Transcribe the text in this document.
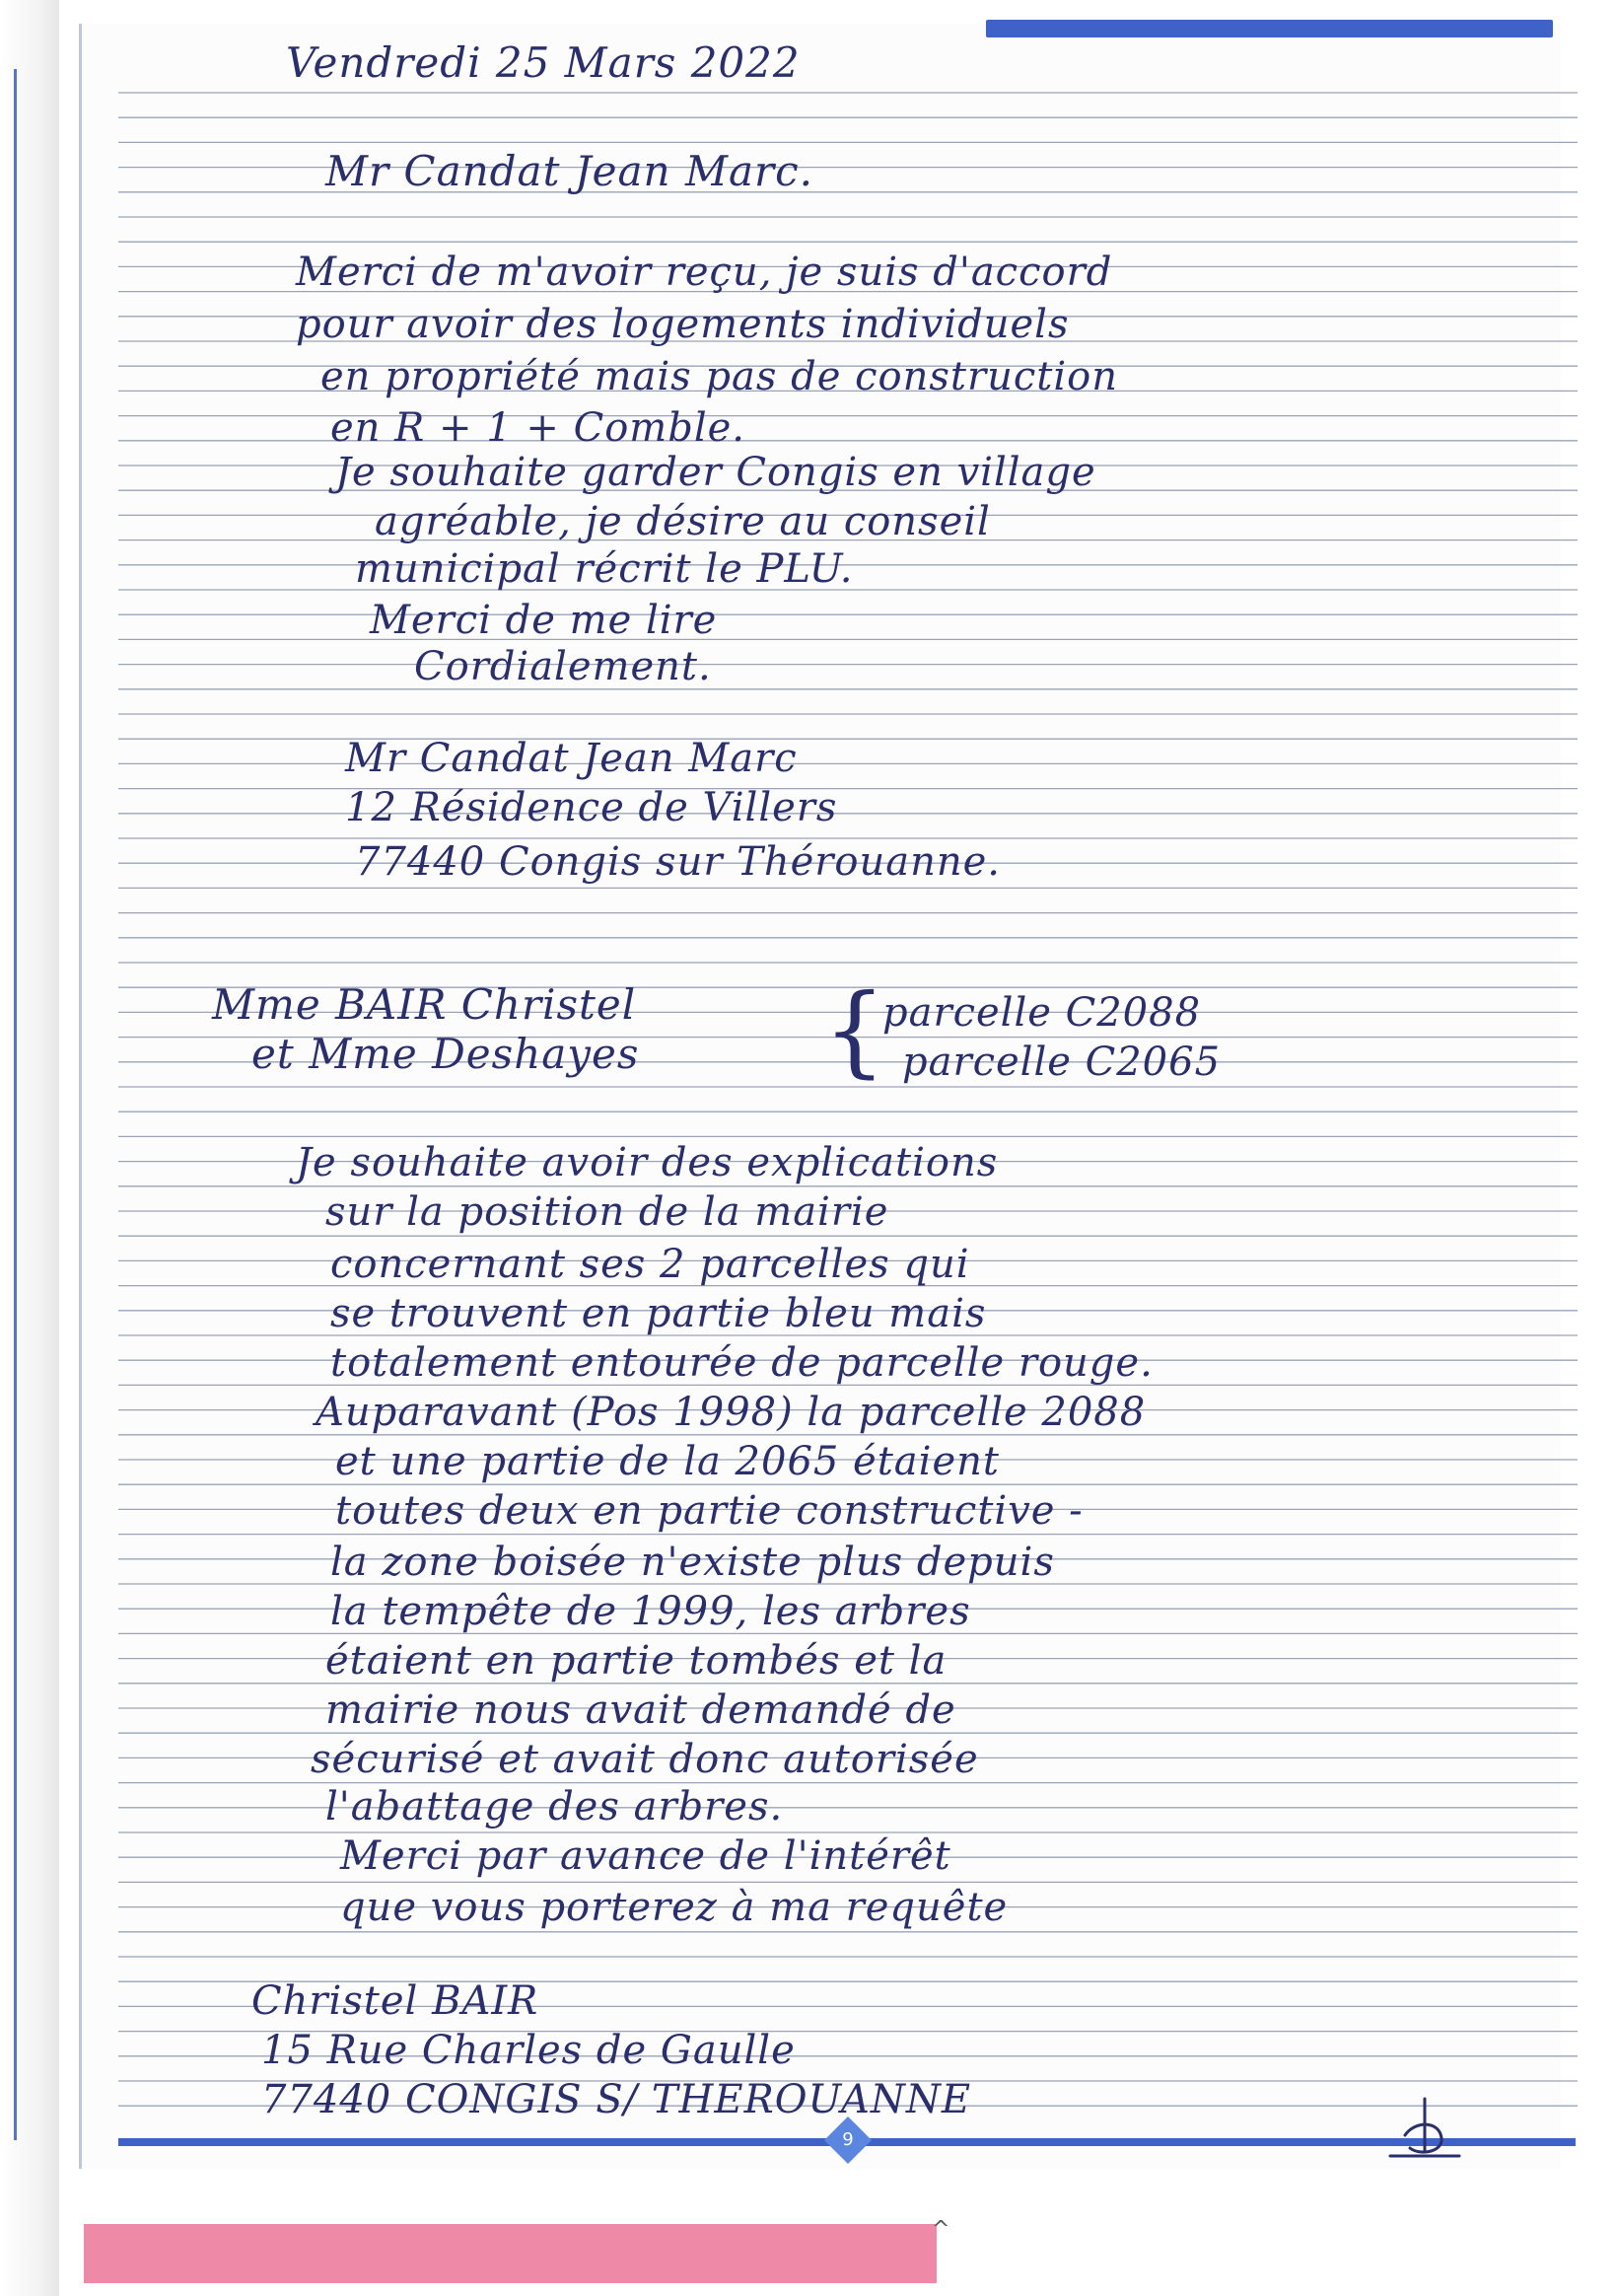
9
^
Vendredi 25 Mars 2022
Mr Candat Jean Marc.
Merci de m'avoir reçu, je suis d'accord
pour avoir des logements individuels
en propriété mais pas de construction
en R + 1 + Comble.
Je souhaite garder Congis en village
agréable, je désire au conseil
municipal récrit le PLU.
Merci de me lire
Cordialement.
Mr Candat Jean Marc
12 Résidence de Villers
77440 Congis sur Thérouanne.
Mme BAIR Christel
et Mme Deshayes {
parcelle C2088
parcelle C2065
Je souhaite avoir des explications
sur la position de la mairie
concernant ses 2 parcelles qui
se trouvent en partie bleu mais
totalement entourée de parcelle rouge.
Auparavant (Pos 1998) la parcelle 2088
et une partie de la 2065 étaient
toutes deux en partie constructive -
la zone boisée n'existe plus depuis
la tempête de 1999, les arbres
étaient en partie tombés et la
mairie nous avait demandé de
sécurisé et avait donc autorisée
l'abattage des arbres.
Merci par avance de l'intérêt
que vous porterez à ma requête
Christel BAIR
15 Rue Charles de Gaulle
77440 CONGIS S/ THEROUANNE
